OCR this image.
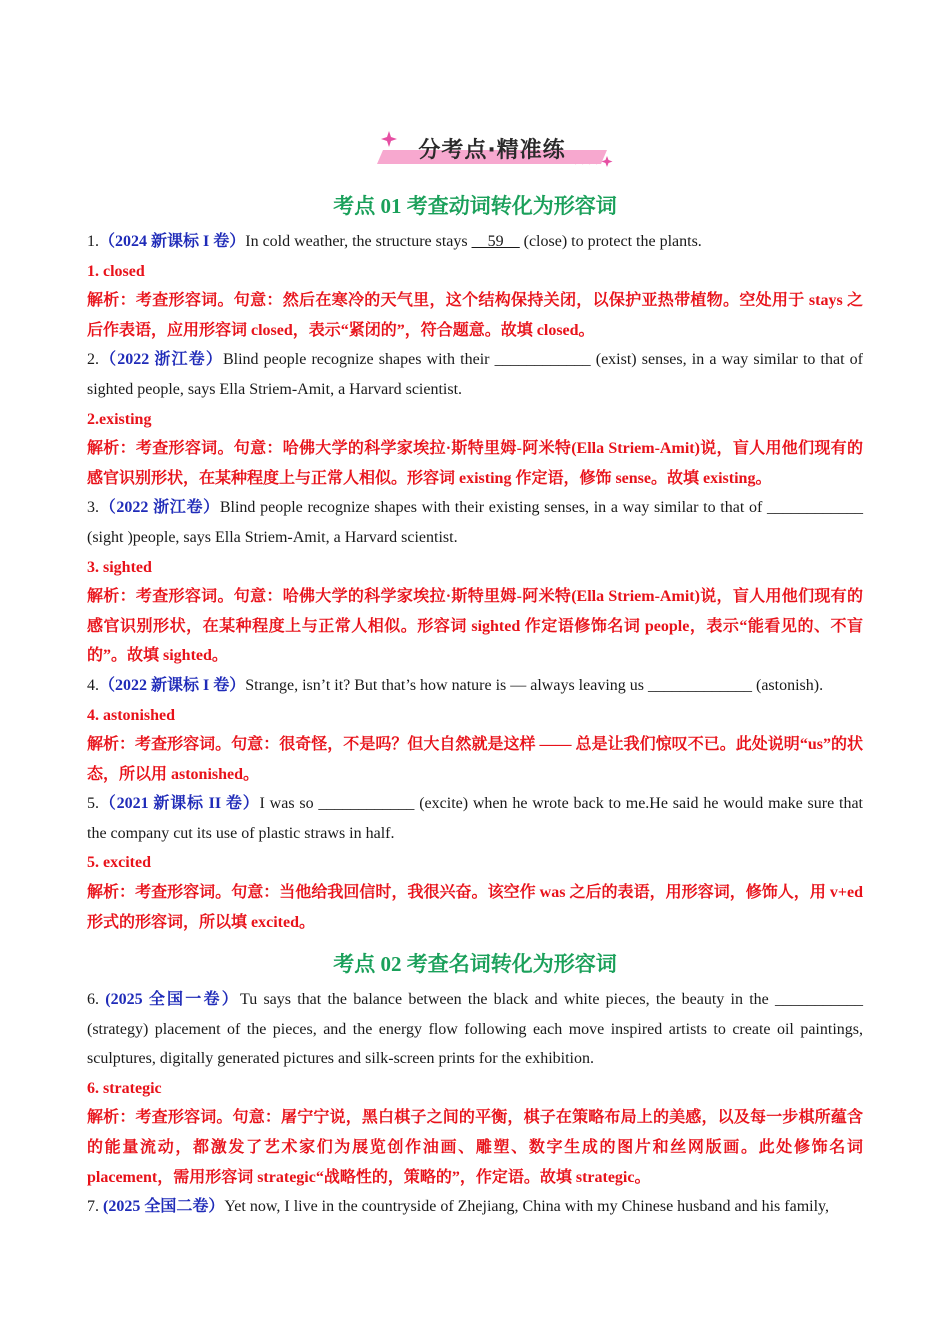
分考点·精准练
考点 01 考查动词转化为形容词

1.（2024 新课标 I 卷）In cold weather, the structure stays __59__ (close) to protect the plants.

1. closed

解析：考查形容词。句意：然后在寒冷的天气里，这个结构保持关闭，以保护亚热带植物。空处用于 stays 之后作表语，应用形容词 closed，表示“紧闭的”，符合题意。故填 closed。

2.（2022 浙江卷）Blind people recognize shapes with their ____________ (exist) senses, in a way similar to that of sighted people, says Ella Striem-Amit, a Harvard scientist.

2.existing

解析：考查形容词。句意：哈佛大学的科学家埃拉·斯特里姆-阿米特(Ella Striem-Amit)说，盲人用他们现有的感官识别形状，在某种程度上与正常人相似。形容词 existing 作定语，修饰 sense。故填 existing。

3.（2022 浙江卷）Blind people recognize shapes with their existing senses, in a way similar to that of ____________ (sight )people, says Ella Striem-Amit, a Harvard scientist.

3. sighted

解析：考查形容词。句意：哈佛大学的科学家埃拉·斯特里姆-阿米特(Ella Striem-Amit)说，盲人用他们现有的感官识别形状，在某种程度上与正常人相似。形容词 sighted 作定语修饰名词 people，表示“能看见的、不盲的”。故填 sighted。

4.（2022 新课标 I 卷）Strange, isn’t it? But that’s how nature is — always leaving us _____________ (astonish).

4. astonished

解析：考查形容词。句意：很奇怪，不是吗？但大自然就是这样 —— 总是让我们惊叹不已。此处说明“us”的状态，所以用 astonished。

5.（2021 新课标 II 卷）I was so ____________ (excite) when he wrote back to me.He said he would make sure that the company cut its use of plastic straws in half.

5. excited

解析：考查形容词。句意：当他给我回信时，我很兴奋。该空作 was 之后的表语，用形容词，修饰人，用 v+ed 形式的形容词，所以填 excited。

考点 02 考查名词转化为形容词

6. (2025 全国一卷）Tu says that the balance between the black and white pieces, the beauty in the ___________ (strategy) placement of the pieces, and the energy flow following each move inspired artists to create oil paintings, sculptures, digitally generated pictures and silk-screen prints for the exhibition.

6. strategic

解析：考查形容词。句意：屠宁宁说，黑白棋子之间的平衡，棋子在策略布局上的美感，以及每一步棋所蕴含的能量流动，都激发了艺术家们为展览创作油画、雕塑、数字生成的图片和丝网版画。此处修饰名词 placement，需用形容词 strategic“战略性的，策略的”，作定语。故填 strategic。

7. (2025 全国二卷）Yet now, I live in the countryside of Zhejiang, China with my Chinese husband and his family,
